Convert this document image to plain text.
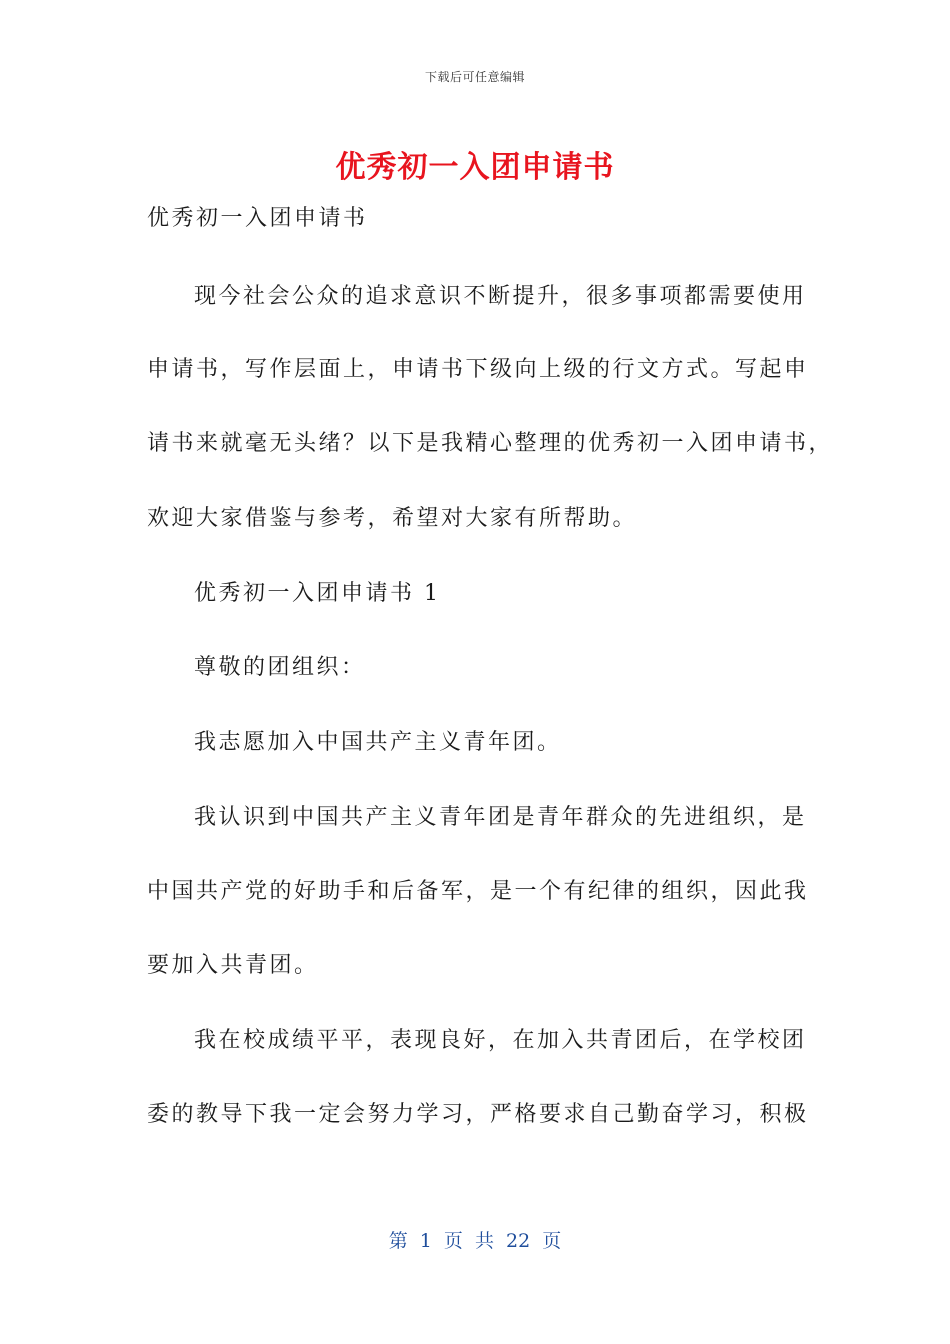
下载后可任意编辑
优秀初一入团申请书
优秀初一入团申请书
现今社会公众的追求意识不断提升，很多事项都需要使用
申请书，写作层面上，申请书下级向上级的行文方式。写起申
请书来就毫无头绪？以下是我精心整理的优秀初一入团申请书，
欢迎大家借鉴与参考，希望对大家有所帮助。
优秀初一入团申请书 1
尊敬的团组织：
我志愿加入中国共产主义青年团。
我认识到中国共产主义青年团是青年群众的先进组织，是
中国共产党的好助手和后备军，是一个有纪律的组织，因此我
要加入共青团。
我在校成绩平平，表现良好，在加入共青团后，在学校团
委的教导下我一定会努力学习，严格要求自己勤奋学习，积极
第 1 页 共 22 页
